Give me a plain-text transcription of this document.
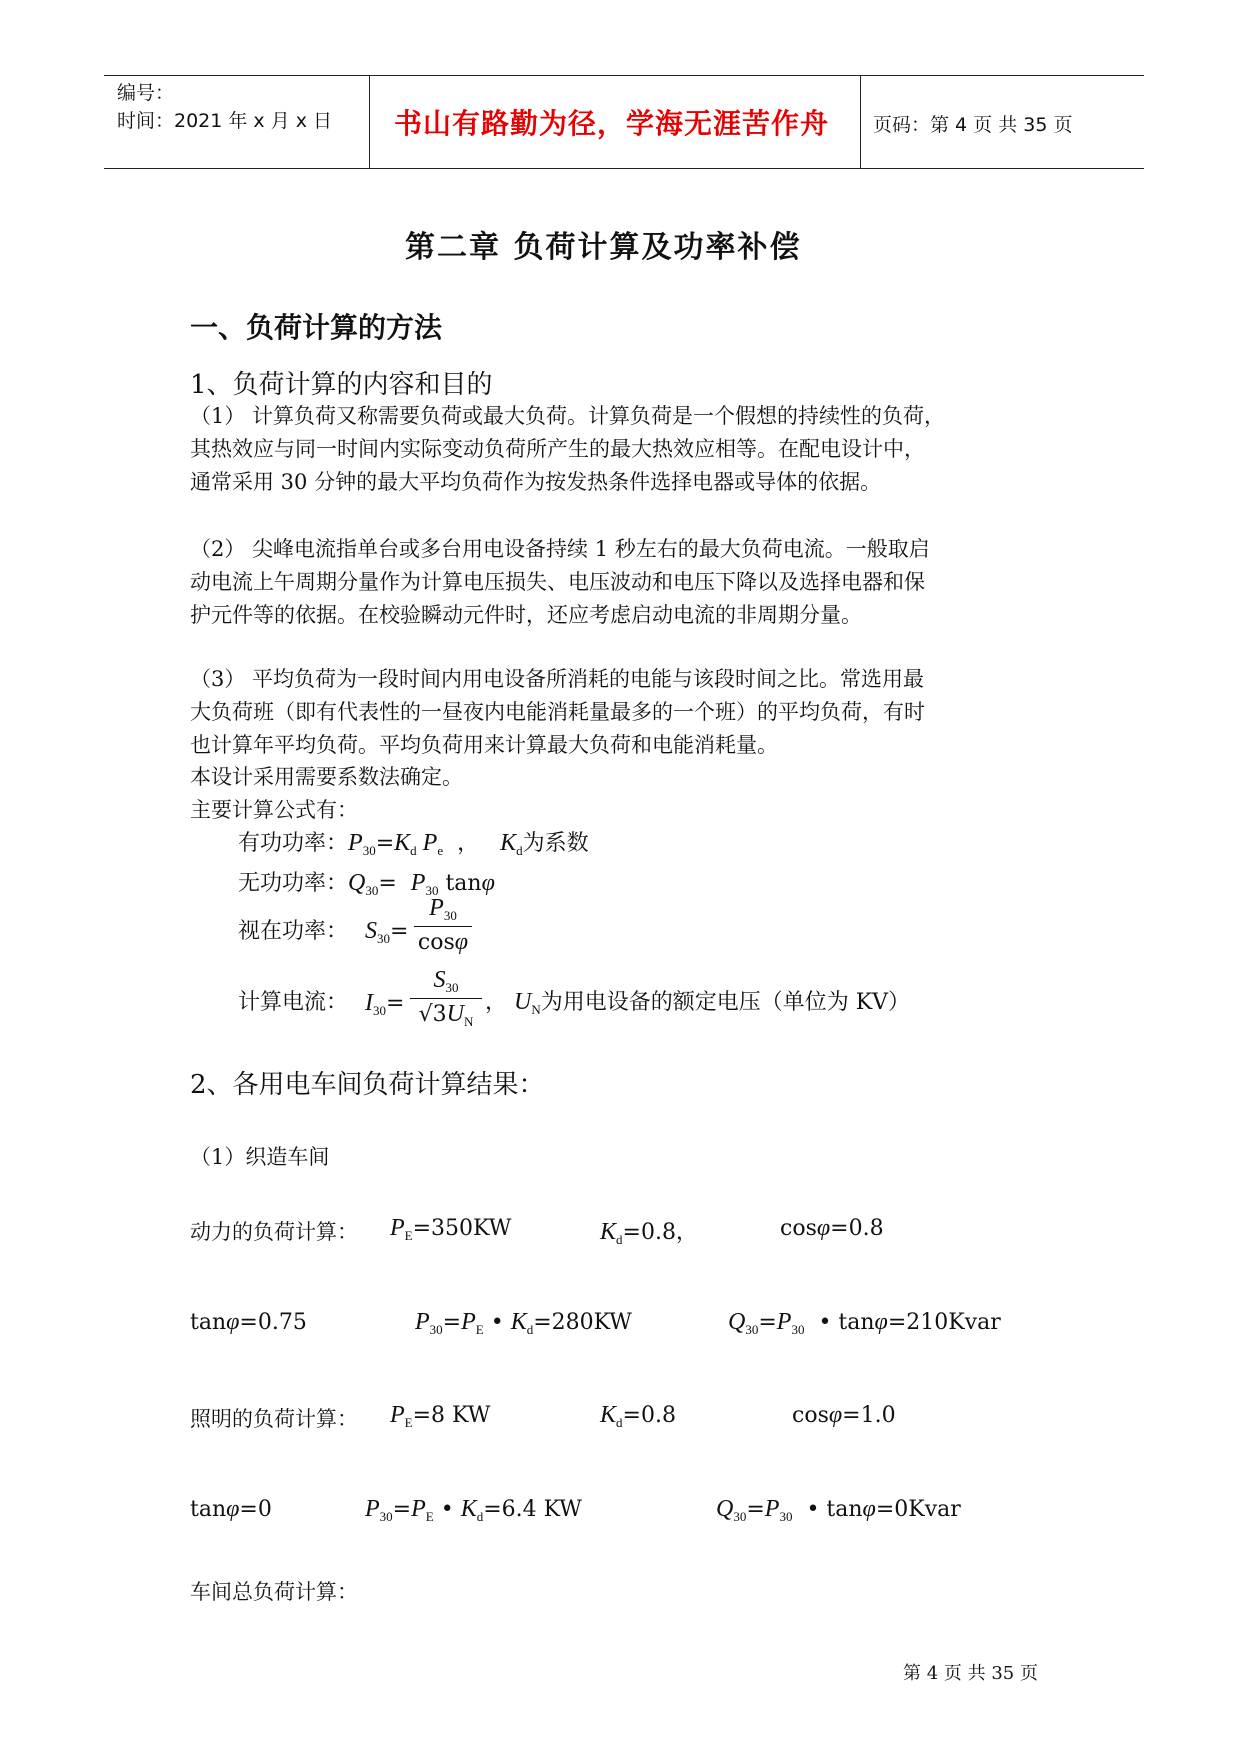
编号：
时间：2021 年 x 月 x 日 书山有路勤为径，学海无涯苦作舟 页码：第 4 页 共 35 页
第二章 负荷计算及功率补偿
一、负荷计算的方法
1、负荷计算的内容和目的
（1） 计算负荷又称需要负荷或最大负荷。计算负荷是一个假想的持续性的负荷，
其热效应与同一时间内实际变动负荷所产生的最大热效应相等。在配电设计中，
通常采用 30 分钟的最大平均负荷作为按发热条件选择电器或导体的依据。
（2） 尖峰电流指单台或多台用电设备持续 1 秒左右的最大负荷电流。一般取启
动电流上午周期分量作为计算电压损失、电压波动和电压下降以及选择电器和保
护元件等的依据。在校验瞬动元件时，还应考虑启动电流的非周期分量。
（3） 平均负荷为一段时间内用电设备所消耗的电能与该段时间之比。常选用最
大负荷班（即有代表性的一昼夜内电能消耗量最多的一个班）的平均负荷，有时
也计算年平均负荷。平均负荷用来计算最大负荷和电能消耗量。
本设计采用需要系数法确定。
主要计算公式有：
有功功率：$P_{30}=K_d$ $P_e$  ，   $K_d$为系数
无功功率：$Q_{30}= P_{30}$ tanφ
视在功率： $S_{30}=$
$P_{30}$
cosφ
计算电流： $I_{30}=$
$S_{30}$
$√3U_N$
， $U_N$为用电设备的额定电压（单位为 KV）
2、各用电车间负荷计算结果：
（1）织造车间
动力的负荷计算： $P_E=350KW$	$K_d=0.8$，	cosφ=0.8
tanφ=0.75	$P_{30}=P_E$ • $K_d=280KW$	$Q_{30}=P_{30}$  • tanφ=210Kvar
照明的负荷计算： $P_E=8$ KW	$K_d=0.8$	cosφ=1.0
tanφ=0	$P_{30}=P_E$ • $K_d=6.4$ KW	$Q_{30}=P_{30}$  • tanφ=0Kvar
车间总负荷计算：
第 4 页 共 35 页
